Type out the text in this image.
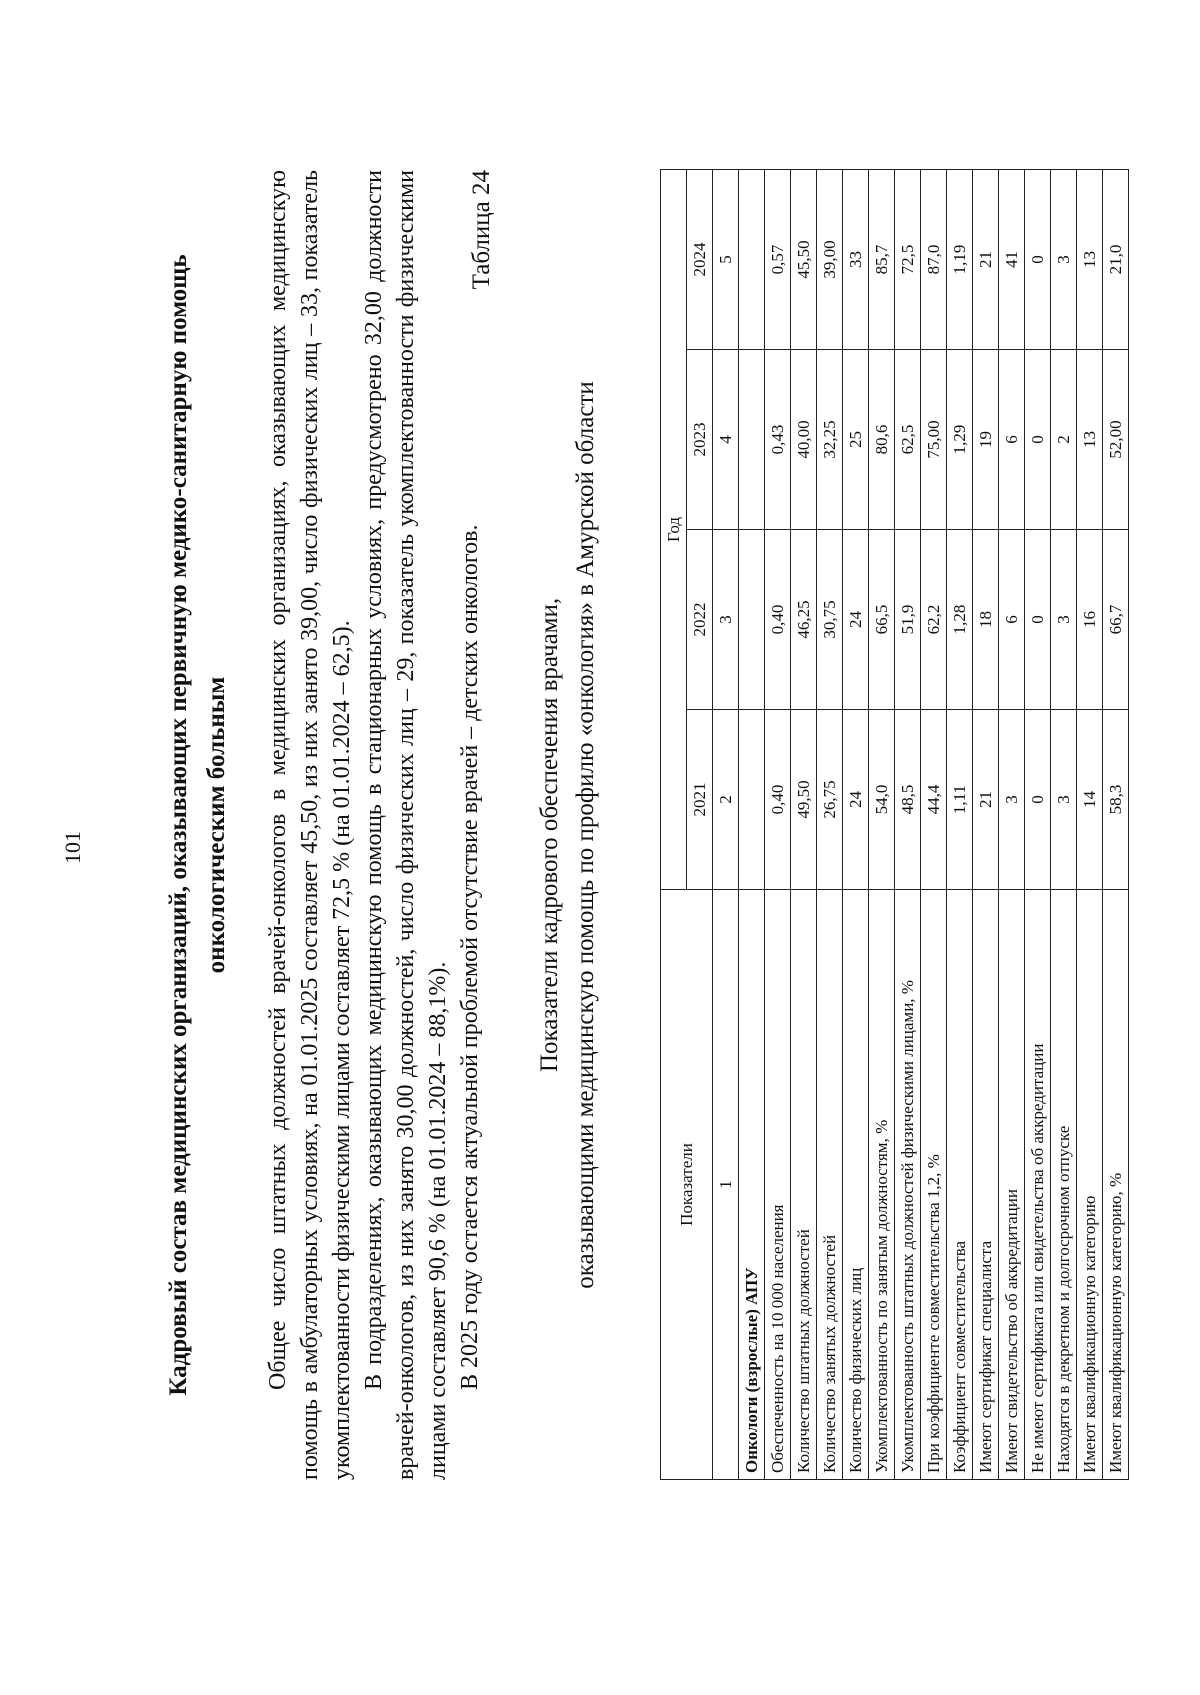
101	Кадровый состав медицинских организаций, оказывающих первичную медико-санитарную помощь онкологическим больным Общее число штатных должностей врачей-онкологов в медицинских организациях, оказывающих медицинскую помощь в амбулаторных условиях, на 01.01.2025 составляет 45,50, из них занято 39,00, число физических лиц – 33, показатель укомплектованности физическими лицами составляет 72,5 % (на 01.01.2024 – 62,5). В подразделениях, оказывающих медицинскую помощь в стационарных условиях, предусмотрено 32,00 должности врачей-онкологов, из них занято 30,00 должностей, число физических лиц – 29, показатель укомплектованности физическими лицами составляет 90,6 % (на 01.01.2024 – 88,1%). В 2025 году остается актуальной проблемой отсутствие врачей – детских онкологов.

Таблица 24
Показатели кадрового обеспечения врачами, оказывающими медицинскую помощь по профилю «онкология» в Амурской области	Показатели	Год			
	2021	2022	2023	2024
1	2	3	4	5
Онкологи (взрослые) АПУ				
Обеспеченность на 10 000 населения	0,40	0,40	0,43	0,57
Количество штатных должностей	49,50	46,25	40,00	45,50
Количество занятых должностей	26,75	30,75	32,25	39,00
Количество физических лиц	24	24	25	33
Укомплектованность по занятым должностям, %	54,0	66,5	80,6	85,7
Укомплектованность штатных должностей физическими лицами, %	48,5	51,9	62,5	72,5
При коэффициенте совместительства 1,2, %	44,4	62,2	75,00	87,0
Коэффициент совместительства	1,11	1,28	1,29	1,19
Имеют сертификат специалиста	21	18	19	21
Имеют свидетельство об аккредитации	3	6	6	41
Не имеют сертификата или свидетельства об аккредитации	0	0	0	0
Находятся в декретном и долгосрочном отпуске	3	3	2	3
Имеют квалификационную категорию	14	16	13	13
Имеют квалификационную категорию, %	58,3	66,7	52,00	21,0
